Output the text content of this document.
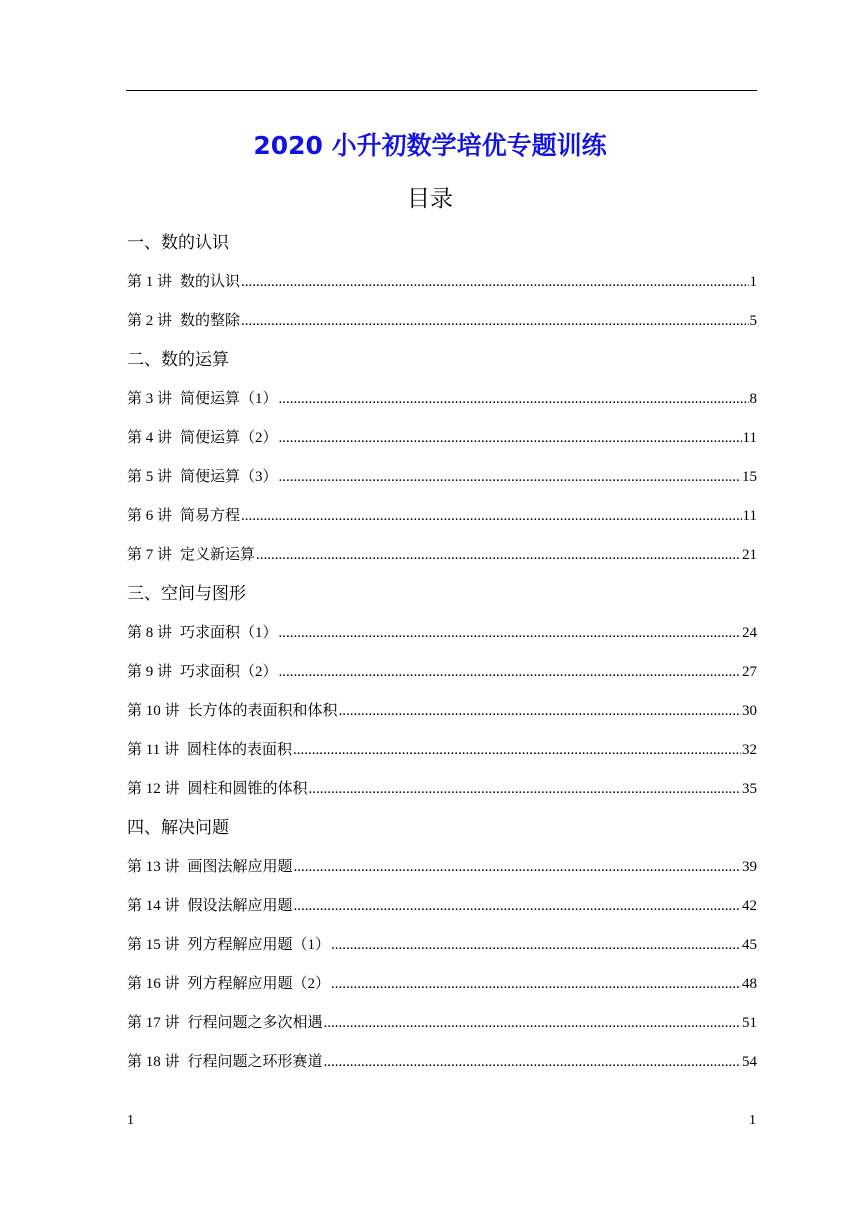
2020 小升初数学培优专题训练
目录
一、数的认识
第 1 讲 数的认识 .....	1
第 2 讲 数的整除 .....	5
二、数的运算
第 3 讲 简便运算（1） .....	8
第 4 讲 简便运算（2） .....	11
第 5 讲 简便运算（3） .....	15
第 6 讲 简易方程 .....	11
第 7 讲 定义新运算 .....	21
三、空间与图形
第 8 讲 巧求面积（1） .....	24
第 9 讲 巧求面积（2） .....	27
第 10 讲 长方体的表面积和体积 .....	30
第 11 讲 圆柱体的表面积 .....	32
第 12 讲 圆柱和圆锥的体积 .....	35
四、解决问题
第 13 讲 画图法解应用题 .....	39
第 14 讲 假设法解应用题 .....	42
第 15 讲 列方程解应用题（1） .....	45
第 16 讲 列方程解应用题（2） .....	48
第 17 讲 行程问题之多次相遇 .....	51
第 18 讲 行程问题之环形赛道 .....	54
1	1
